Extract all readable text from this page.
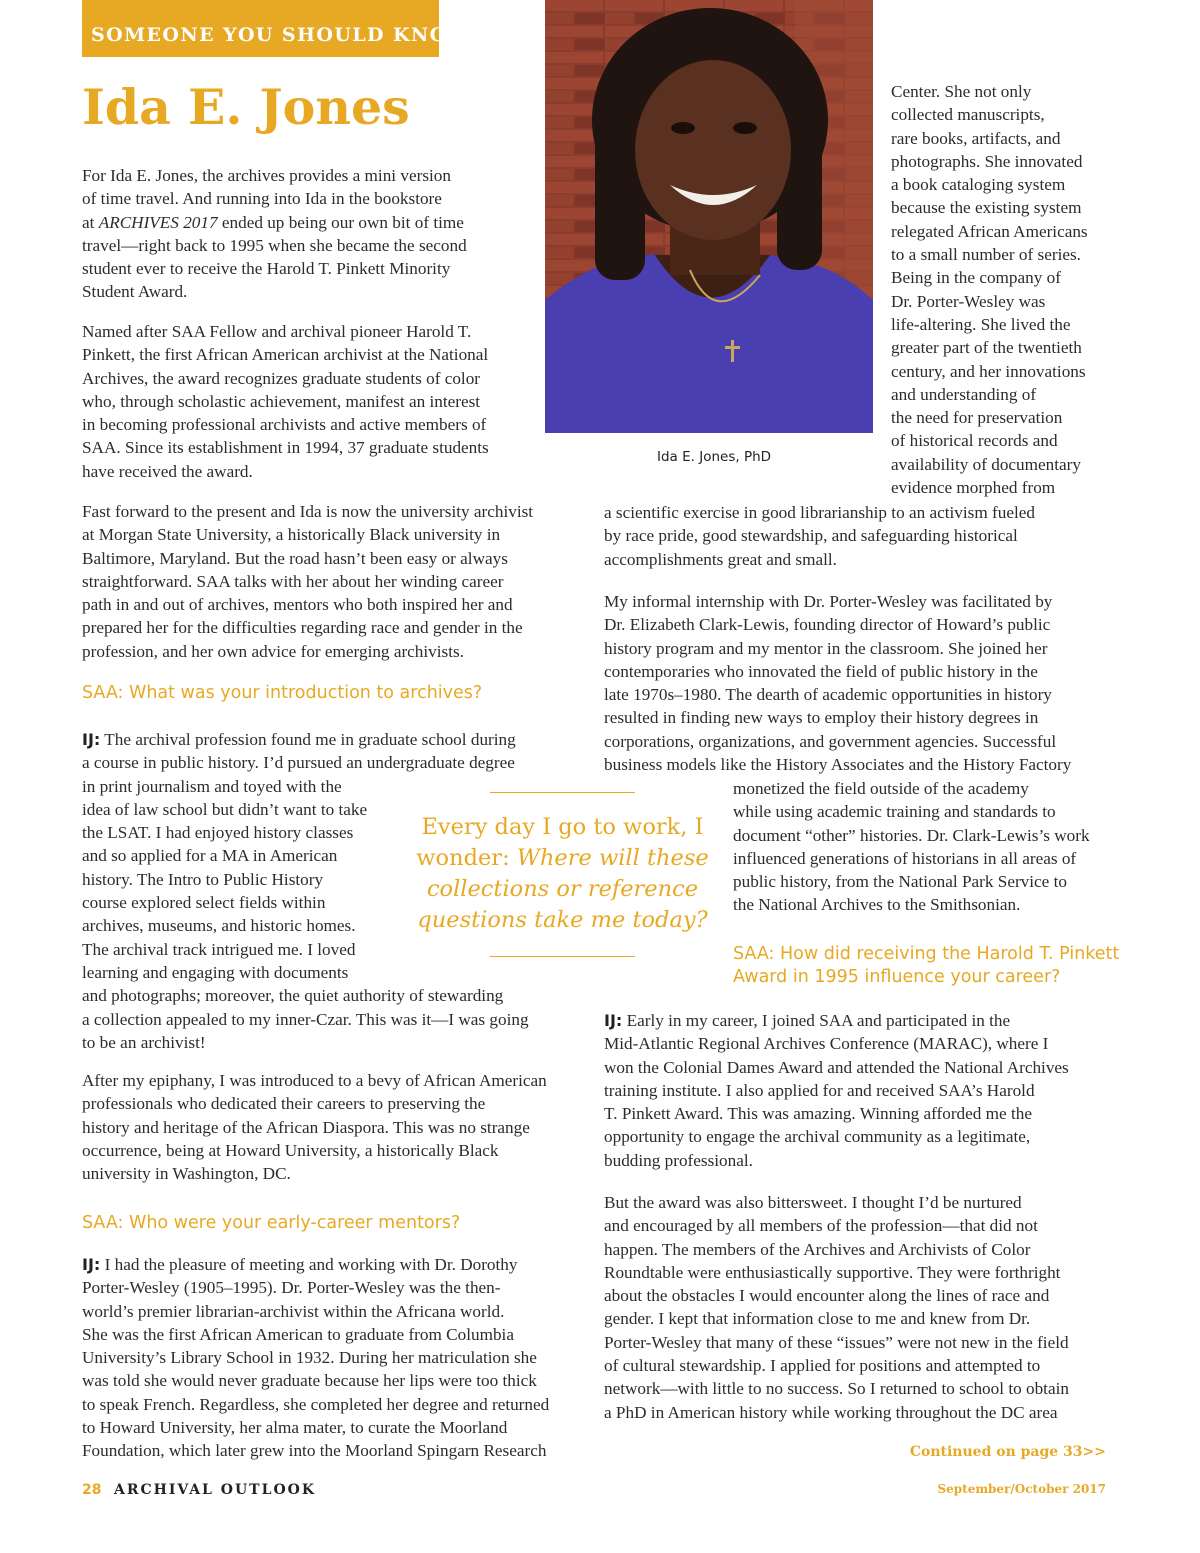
SOMEONE YOU SHOULD KNOW
Ida E. Jones
Ida E. Jones, PhD
For Ida E. Jones, the archives provides a mini version
of time travel. And running into Ida in the bookstore
at ARCHIVES 2017 ended up being our own bit of time
travel—right back to 1995 when she became the second
student ever to receive the Harold T. Pinkett Minority
Student Award.
Named after SAA Fellow and archival pioneer Harold T.
Pinkett, the first African American archivist at the National
Archives, the award recognizes graduate students of color
who, through scholastic achievement, manifest an interest
in becoming professional archivists and active members of
SAA. Since its establishment in 1994, 37 graduate students
have received the award.
Fast forward to the present and Ida is now the university archivist
at Morgan State University, a historically Black university in
Baltimore, Maryland. But the road hasn’t been easy or always
straightforward. SAA talks with her about her winding career
path in and out of archives, mentors who both inspired her and
prepared her for the difficulties regarding race and gender in the
profession, and her own advice for emerging archivists.
SAA: What was your introduction to archives?
IJ: The archival profession found me in graduate school during
a course in public history. I’d pursued an undergraduate degree
in print journalism and toyed with the
idea of law school but didn’t want to take
the LSAT. I had enjoyed history classes
and so applied for a MA in American
history. The Intro to Public History
course explored select fields within
archives, museums, and historic homes.
The archival track intrigued me. I loved
learning and engaging with documents
and photographs; moreover, the quiet authority of stewarding
a collection appealed to my inner-Czar. This was it—I was going
to be an archivist!
After my epiphany, I was introduced to a bevy of African American
professionals who dedicated their careers to preserving the
history and heritage of the African Diaspora. This was no strange
occurrence, being at Howard University, a historically Black
university in Washington, DC.
SAA: Who were your early-career mentors?
IJ: I had the pleasure of meeting and working with Dr. Dorothy
Porter-Wesley (1905–1995). Dr. Porter-Wesley was the then-
world’s premier librarian-archivist within the Africana world.
She was the first African American to graduate from Columbia
University’s Library School in 1932. During her matriculation she
was told she would never graduate because her lips were too thick
to speak French. Regardless, she completed her degree and returned
to Howard University, her alma mater, to curate the Moorland
Foundation, which later grew into the Moorland Spingarn Research
Center. She not only
collected manuscripts,
rare books, artifacts, and
photographs. She innovated
a book cataloging system
because the existing system
relegated African Americans
to a small number of series.
Being in the company of
Dr. Porter-Wesley was
life-altering. She lived the
greater part of the twentieth
century, and her innovations
and understanding of
the need for preservation
of historical records and
availability of documentary
evidence morphed from
a scientific exercise in good librarianship to an activism fueled
by race pride, good stewardship, and safeguarding historical
accomplishments great and small.
My informal internship with Dr. Porter-Wesley was facilitated by
Dr. Elizabeth Clark-Lewis, founding director of Howard’s public
history program and my mentor in the classroom. She joined her
contemporaries who innovated the field of public history in the
late 1970s–1980. The dearth of academic opportunities in history
resulted in finding new ways to employ their history degrees in
corporations, organizations, and government agencies. Successful
business models like the History Associates and the History Factory
monetized the field outside of the academy
while using academic training and standards to
document “other” histories. Dr. Clark-Lewis’s work
influenced generations of historians in all areas of
public history, from the National Park Service to
the National Archives to the Smithsonian.
SAA: How did receiving the Harold T. Pinkett
Award in 1995 influence your career?
IJ: Early in my career, I joined SAA and participated in the
Mid-Atlantic Regional Archives Conference (MARAC), where I
won the Colonial Dames Award and attended the National Archives
training institute. I also applied for and received SAA’s Harold
T. Pinkett Award. This was amazing. Winning afforded me the
opportunity to engage the archival community as a legitimate,
budding professional.
But the award was also bittersweet. I thought I’d be nurtured
and encouraged by all members of the profession—that did not
happen. The members of the Archives and Archivists of Color
Roundtable were enthusiastically supportive. They were forthright
about the obstacles I would encounter along the lines of race and
gender. I kept that information close to me and knew from Dr.
Porter-Wesley that many of these “issues” were not new in the field
of cultural stewardship. I applied for positions and attempted to
network—with little to no success. So I returned to school to obtain
a PhD in American history while working throughout the DC area
Every day I go to work, I wonder: Where will these collections or reference questions take me today?
Continued on page 33>>
28 ARCHIVAL OUTLOOK	September/October 2017
